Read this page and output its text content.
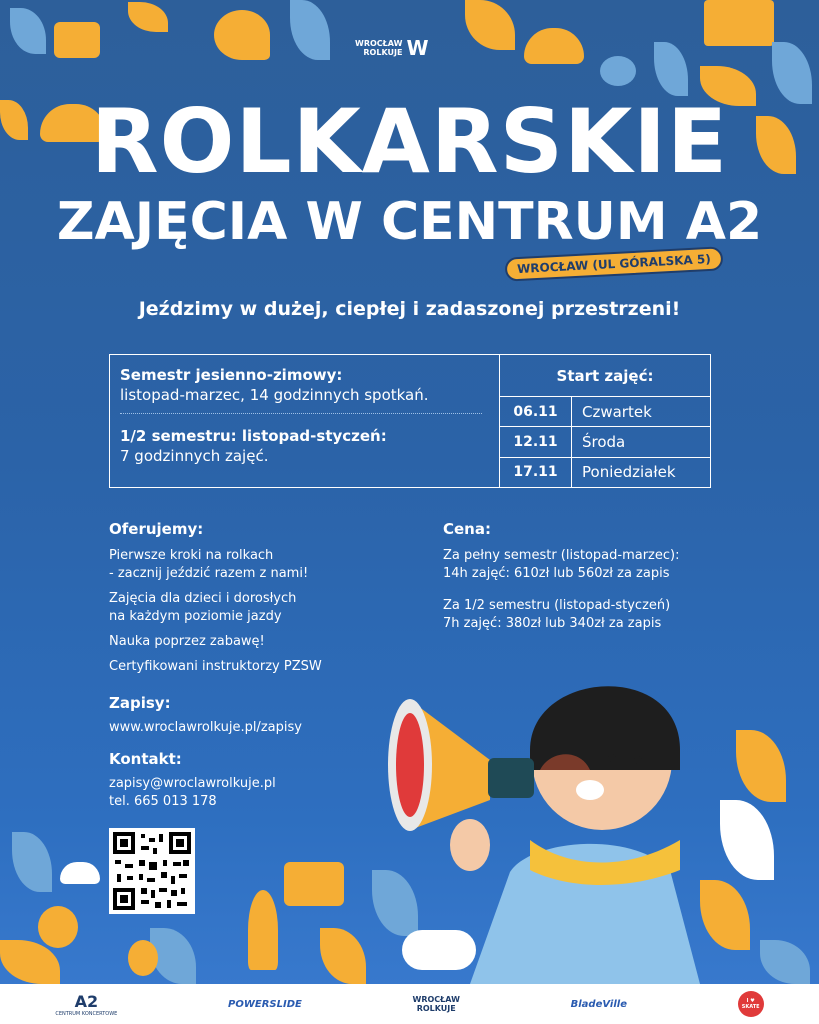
WROCŁAW
ROLKUJE W
ROLKARSKIE
ZAJĘCIA W CENTRUM A2
WROCŁAW (UL GÓRALSKA 5)
Jeździmy w dużej, ciepłej i zadaszonej przestrzeni!
Semestr jesienno-zimowy:
listopad-marzec, 14 godzinnych spotkań.
1/2 semestru: listopad-styczeń:
7 godzinnych zajęć.
Start zajęć:
06.11	Czwartek
12.11	Środa
17.11	Poniedziałek
Oferujemy:
Pierwsze kroki na rolkach
- zacznij jeździć razem z nami!
Zajęcia dla dzieci i dorosłych
na każdym poziomie jazdy
Nauka poprzez zabawę!
Certyfikowani instruktorzy PZSW
Cena:
Za pełny semestr (listopad-marzec):
14h zajęć: 610zł lub 560zł za zapis
Za 1/2 semestru (listopad-styczeń)
7h zajęć: 380zł lub 340zł za zapis
Zapisy:
www.wroclawrolkuje.pl/zapisy
Kontakt:
zapisy@wroclawrolkuje.pl
tel. 665 013 178
A2
CENTRUM KONCERTOWE
POWERSLIDE	WROCŁAW
ROLKUJE	BladeVille	I ♥ SKATE
